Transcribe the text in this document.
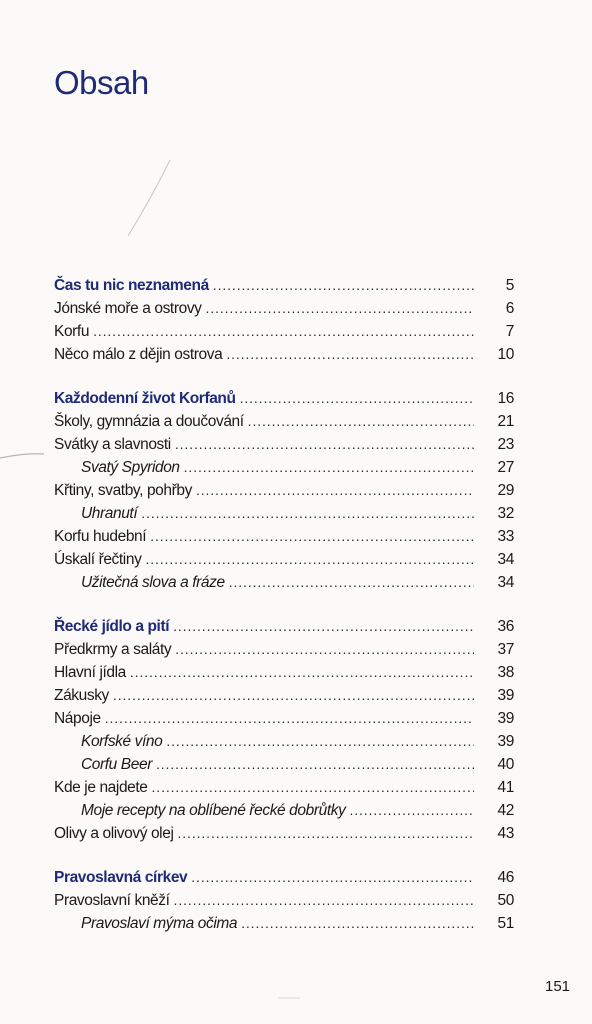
Obsah
Čas tu nic neznamená . . .	5
Jónské moře a ostrovy . . .	6
Korfu . . .	7
Něco málo z dějin ostrova . . .	10
Každodenní život Korfanů . . .	16
Školy, gymnázia a doučování . . .	21
Svátky a slavnosti . . .	23
Svatý Spyridon . . .	27
Křtiny, svatby, pohřby . . .	29
Uhranutí . . .	32
Korfu hudební . . .	33
Úskalí řečtiny . . .	34
Užitečná slova a fráze . . .	34
Řecké jídlo a pití . . .	36
Předkrmy a saláty . . .	37
Hlavní jídla . . .	38
Zákusky . . .	39
Nápoje . . .	39
Korfské víno . . .	39
Corfu Beer . . .	40
Kde je najdete . . .	41
Moje recepty na oblíbené řecké dobrůtky . . .	42
Olivy a olivový olej . . .	43
Pravoslavná církev . . .	46
Pravoslavní kněží . . .	50
Pravoslaví mýma očima . . .	51
151
